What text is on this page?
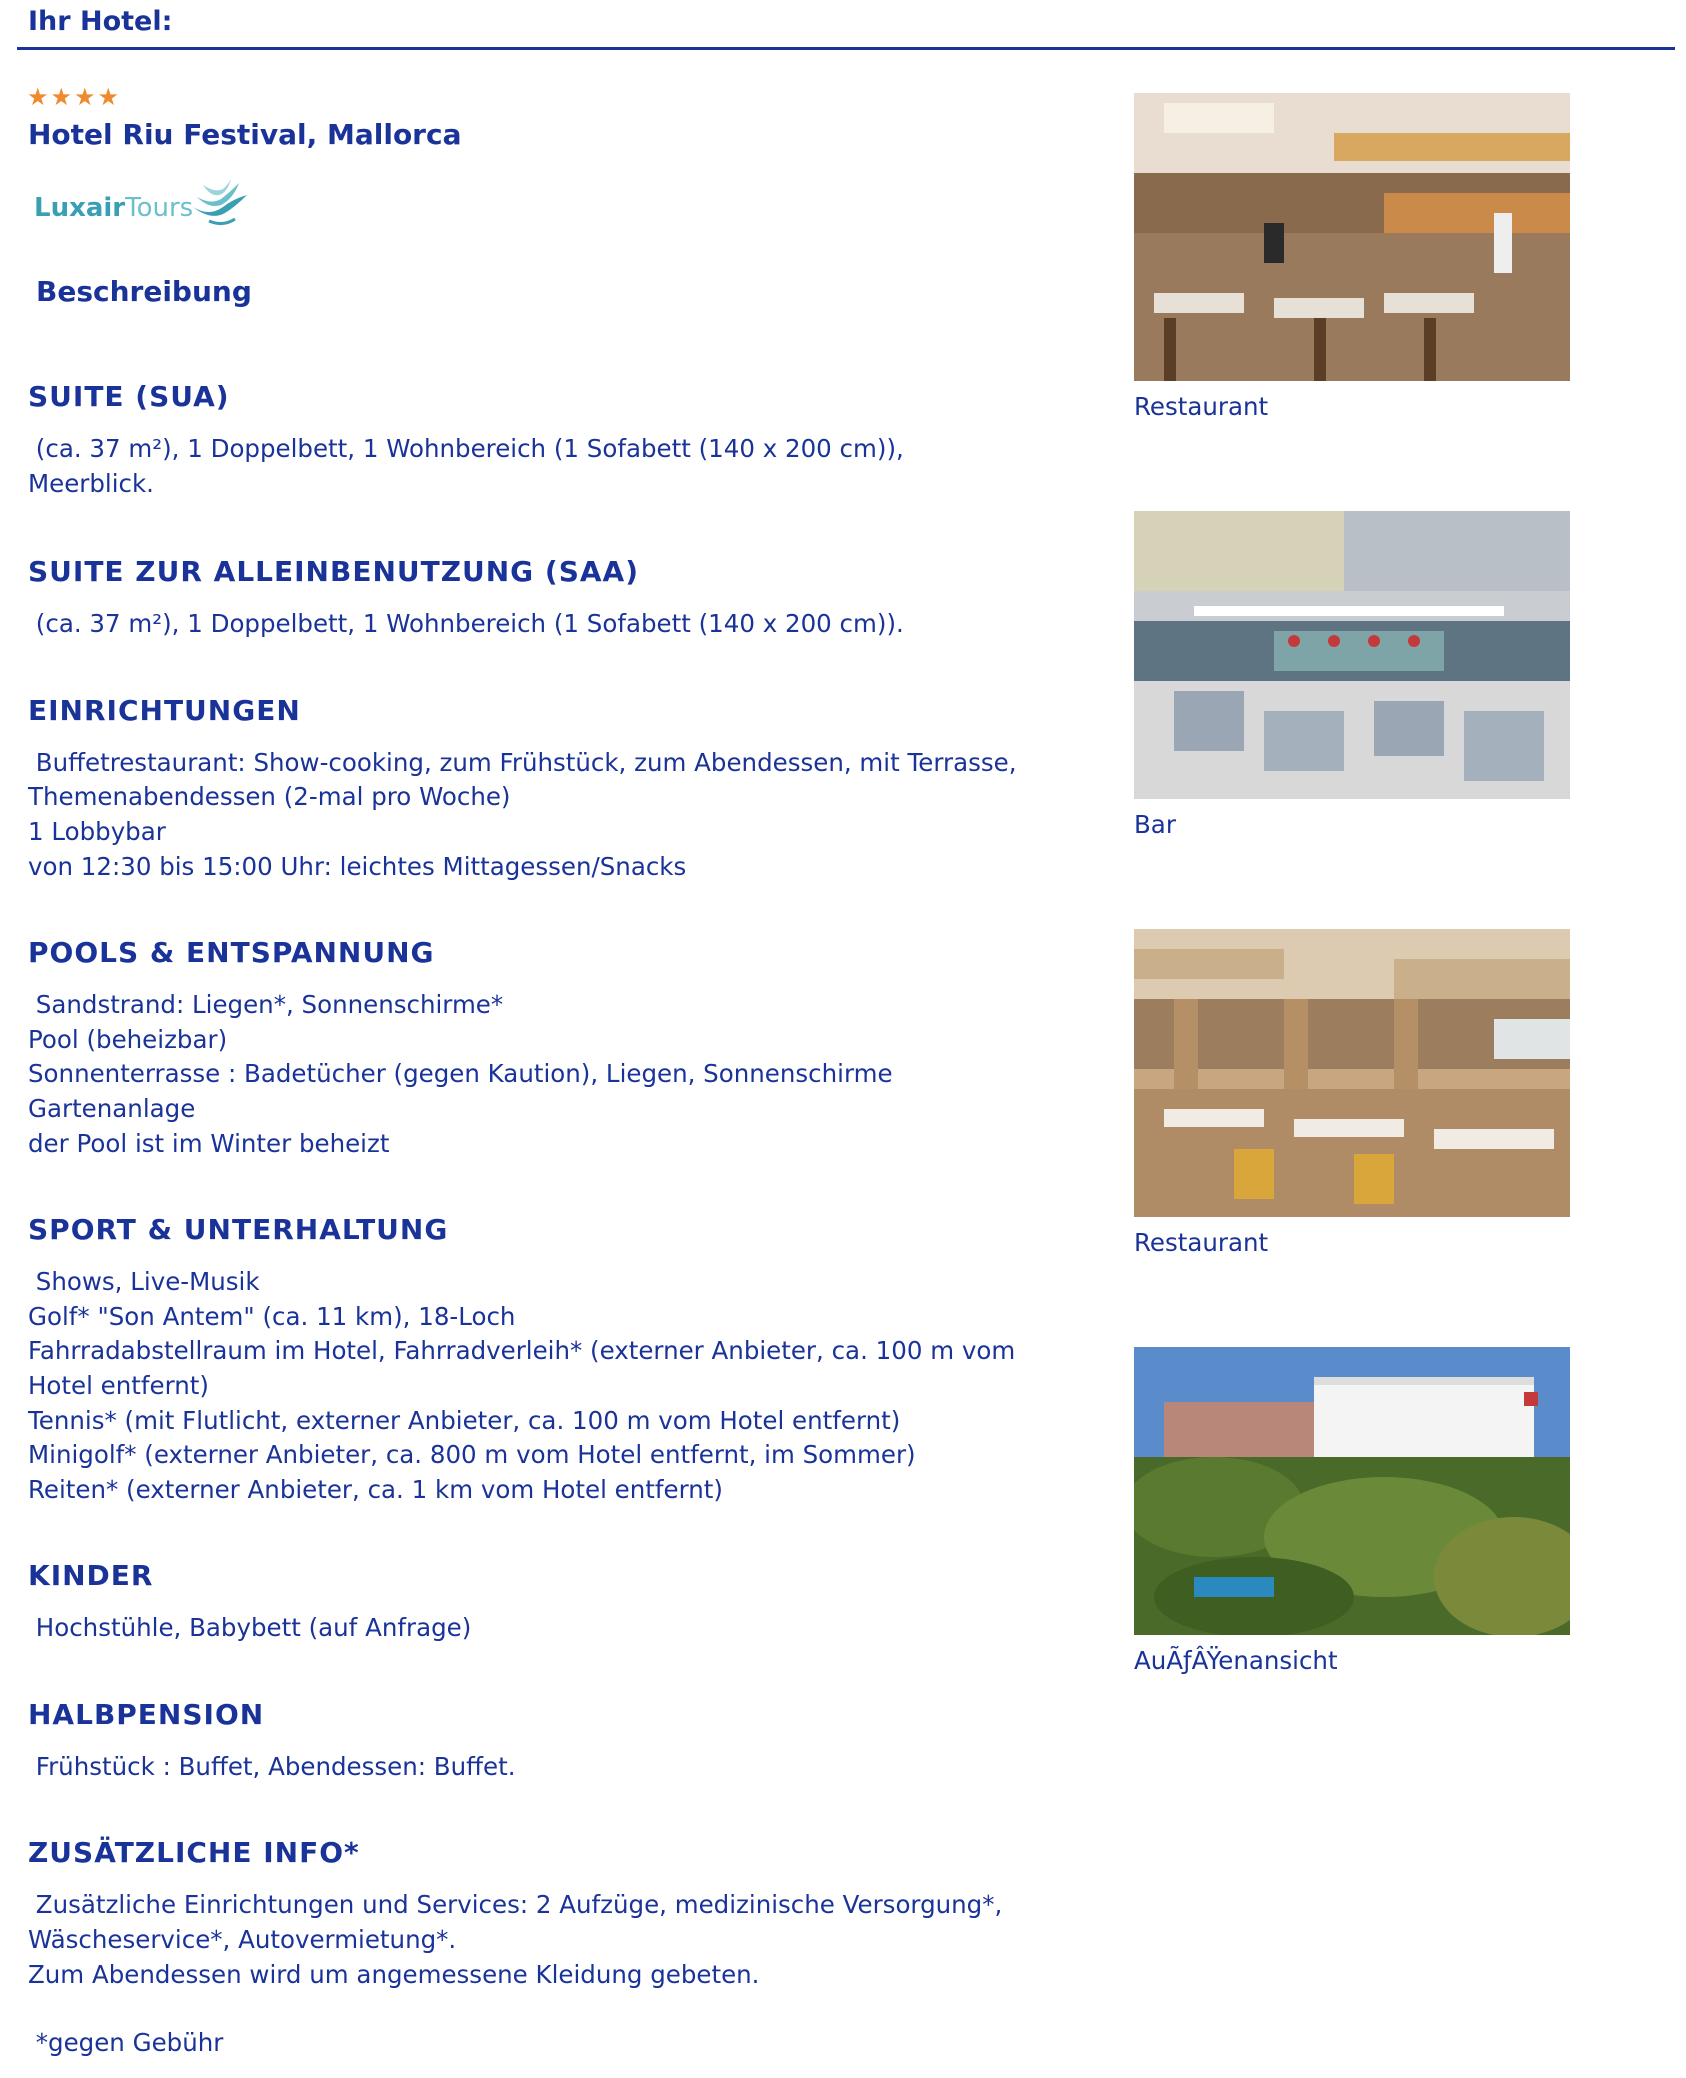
Ihr Hotel:
★★★★
Hotel Riu Festival, Mallorca
LuxairTours
Beschreibung
SUITE (SUA)

(ca. 37 m²), 1 Doppelbett, 1 Wohnbereich (1 Sofabett (140 x 200 cm)),
Meerblick.

SUITE ZUR ALLEINBENUTZUNG (SAA)

(ca. 37 m²), 1 Doppelbett, 1 Wohnbereich (1 Sofabett (140 x 200 cm)).

EINRICHTUNGEN

Buffetrestaurant: Show-cooking, zum Frühstück, zum Abendessen, mit Terrasse,
Themenabendessen (2-mal pro Woche)
1 Lobbybar
von 12:30 bis 15:00 Uhr: leichtes Mittagessen/Snacks

POOLS & ENTSPANNUNG

Sandstrand: Liegen*, Sonnenschirme*
Pool (beheizbar)
Sonnenterrasse : Badetücher (gegen Kaution), Liegen, Sonnenschirme
Gartenanlage
der Pool ist im Winter beheizt

SPORT & UNTERHALTUNG

Shows, Live-Musik
Golf* "Son Antem" (ca. 11 km), 18-Loch
Fahrradabstellraum im Hotel, Fahrradverleih* (externer Anbieter, ca. 100 m vom
Hotel entfernt)
Tennis* (mit Flutlicht, externer Anbieter, ca. 100 m vom Hotel entfernt)
Minigolf* (externer Anbieter, ca. 800 m vom Hotel entfernt, im Sommer)
Reiten* (externer Anbieter, ca. 1 km vom Hotel entfernt)

KINDER

Hochstühle, Babybett (auf Anfrage)

HALBPENSION

Frühstück : Buffet, Abendessen: Buffet.

ZUSÄTZLICHE INFO*

Zusätzliche Einrichtungen und Services: 2 Aufzüge, medizinische Versorgung*,
Wäscheservice*, Autovermietung*.
Zum Abendessen wird um angemessene Kleidung gebeten.

*gegen Gebühr
Restaurant
Bar
Restaurant
AuÃƒÂŸenansicht
